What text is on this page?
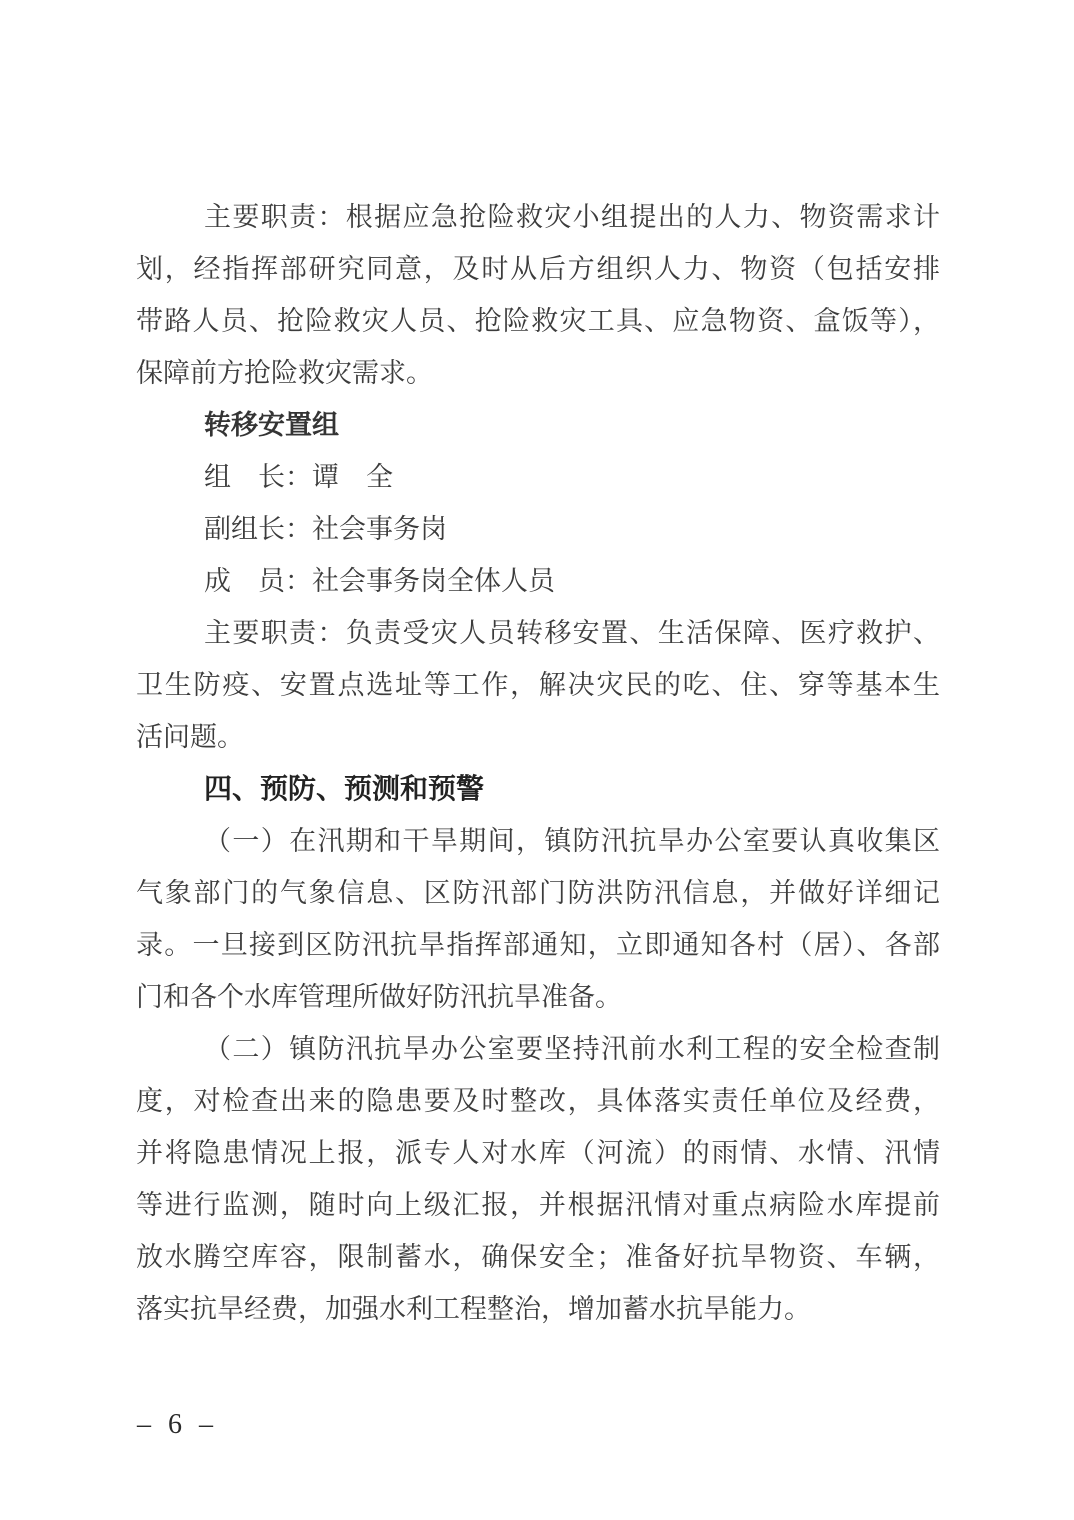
主要职责：根据应急抢险救灾小组提出的人力、物资需求计
划，经指挥部研究同意，及时从后方组织人力、物资（包括安排
带路人员、抢险救灾人员、抢险救灾工具、应急物资、盒饭等），
保障前方抢险救灾需求。
转移安置组
组　长：谭　全
副组长：社会事务岗
成　员：社会事务岗全体人员
主要职责：负责受灾人员转移安置、生活保障、医疗救护、
卫生防疫、安置点选址等工作，解决灾民的吃、住、穿等基本生
活问题。
四、预防、预测和预警
（一）在汛期和干旱期间，镇防汛抗旱办公室要认真收集区
气象部门的气象信息、区防汛部门防洪防汛信息，并做好详细记
录。一旦接到区防汛抗旱指挥部通知，立即通知各村（居）、各部
门和各个水库管理所做好防汛抗旱准备。
（二）镇防汛抗旱办公室要坚持汛前水利工程的安全检查制
度，对检查出来的隐患要及时整改，具体落实责任单位及经费，
并将隐患情况上报，派专人对水库（河流）的雨情、水情、汛情
等进行监测，随时向上级汇报，并根据汛情对重点病险水库提前
放水腾空库容，限制蓄水，确保安全；准备好抗旱物资、车辆，
落实抗旱经费，加强水利工程整治，增加蓄水抗旱能力。
– 6 –
